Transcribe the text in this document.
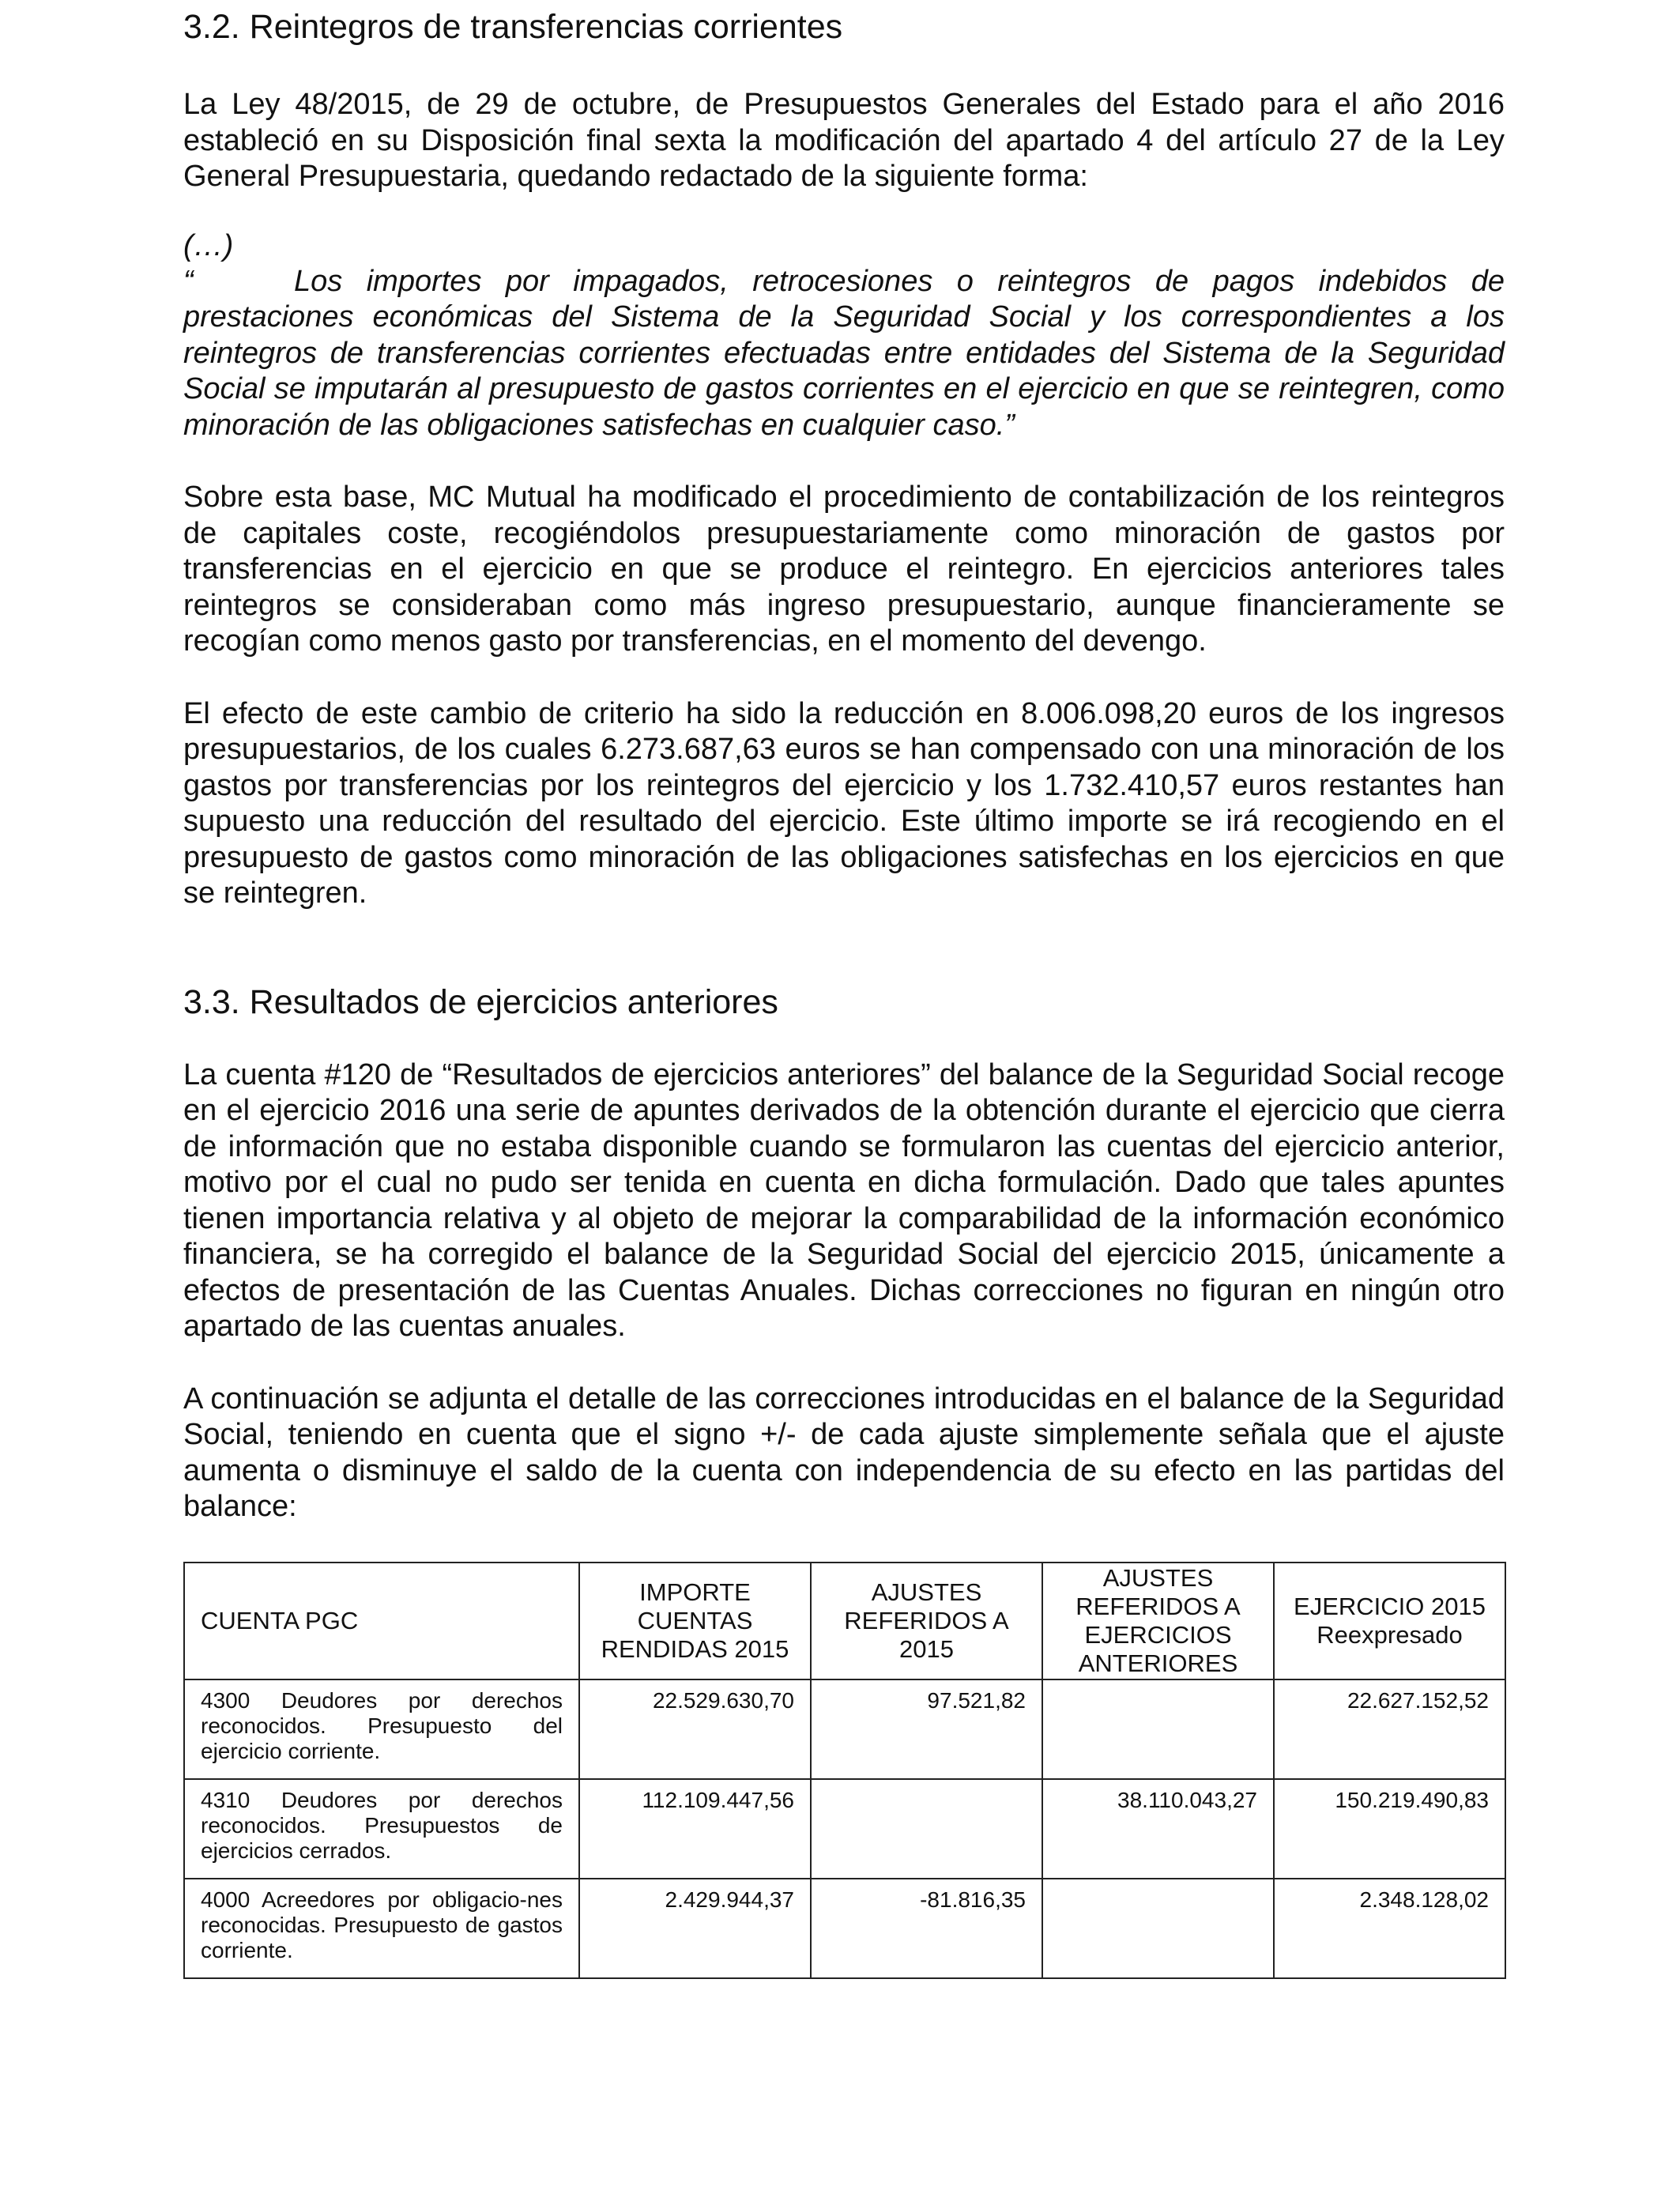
3.2. Reintegros de transferencias corrientes

La Ley 48/2015, de 29 de octubre, de Presupuestos Generales del Estado para el año 2016 estableció en su Disposición final sexta la modificación del apartado 4 del artículo 27 de la Ley General Presupuestaria, quedando redactado de la siguiente forma:

(…)

“	Los importes por impagados, retrocesiones o reintegros de pagos indebidos de prestaciones económicas del Sistema de la Seguridad Social y los correspondientes a los reintegros de transferencias corrientes efectuadas entre entidades del Sistema de la Seguridad Social se imputarán al presupuesto de gastos corrientes en el ejercicio en que se reintegren, como minoración de las obligaciones satisfechas en cualquier caso.”

Sobre esta base, MC Mutual ha modificado el procedimiento de contabilización de los reintegros de capitales coste, recogiéndolos presupuestariamente como minoración de gastos por transferencias en el ejercicio en que se produce el reintegro. En ejercicios anteriores tales reintegros se consideraban como más ingreso presupuestario, aunque financieramente se recogían como menos gasto por transferencias, en el momento del devengo.

El efecto de este cambio de criterio ha sido la reducción en 8.006.098,20 euros de los ingresos presupuestarios, de los cuales 6.273.687,63 euros se han compensado con una minoración de los gastos por transferencias por los reintegros del ejercicio y los 1.732.410,57 euros restantes han supuesto una reducción del resultado del ejercicio. Este último importe se irá recogiendo en el presupuesto de gastos como minoración de las obligaciones satisfechas en los ejercicios en que se reintegren.

3.3. Resultados de ejercicios anteriores

La cuenta #120 de “Resultados de ejercicios anteriores” del balance de la Seguridad Social recoge en el ejercicio 2016 una serie de apuntes derivados de la obtención durante el ejercicio que cierra de información que no estaba disponible cuando se formularon las cuentas del ejercicio anterior, motivo por el cual no pudo ser tenida en cuenta en dicha formulación. Dado que tales apuntes tienen importancia relativa y al objeto de mejorar la comparabilidad de la información económico financiera, se ha corregido el balance de la Seguridad Social del ejercicio 2015, únicamente a efectos de presentación de las Cuentas Anuales. Dichas correcciones no figuran en ningún otro apartado de las cuentas anuales.

A continuación se adjunta el detalle de las correcciones introducidas en el balance de la Seguridad Social, teniendo en cuenta que el signo +/- de cada ajuste simplemente señala que el ajuste aumenta o disminuye el saldo de la cuenta con independencia de su efecto en las partidas del balance:

CUENTA PGC	IMPORTE CUENTAS RENDIDAS 2015	AJUSTES REFERIDOS A 2015	AJUSTES REFERIDOS A EJERCICIOS ANTERIORES	EJERCICIO 2015 Reexpresado
4300 Deudores por derechos reconocidos. Presupuesto del ejercicio corriente.	22.529.630,70	97.521,82		22.627.152,52
4310 Deudores por derechos reconocidos. Presupuestos de ejercicios cerrados.	112.109.447,56		38.110.043,27	150.219.490,83
4000 Acreedores por obligacio-nes reconocidas. Presupuesto de gastos corriente.	2.429.944,37	-81.816,35		2.348.128,02
